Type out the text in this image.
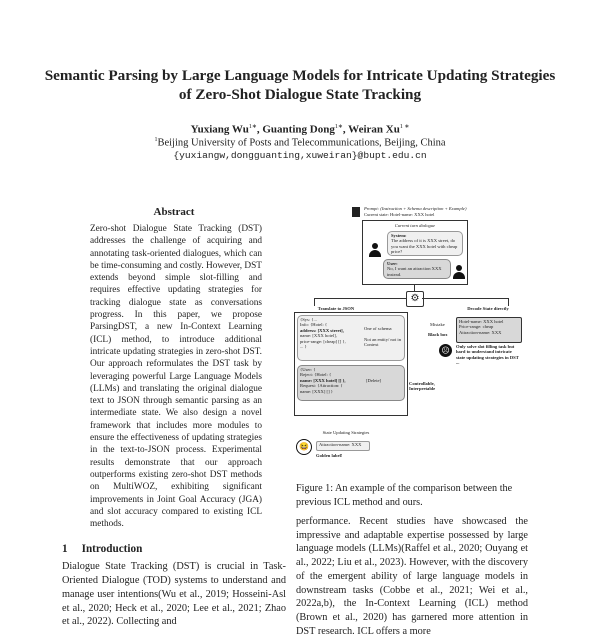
Semantic Parsing by Large Language Models for Intricate Updating Strategies of Zero-Shot Dialogue State Tracking
Yuxiang $Wu^{1∗}$, Guanting Dong$^{1∗}$, Weiran $Xu^{1 ∗}$
$^1$Beijing University of Posts and Telecommunications, Beijing, China
{yuxiangw,dongguanting,xuweiran}@bupt.edu.cn
Abstract
Zero-shot Dialogue State Tracking (DST) addresses the challenge of acquiring and annotating task-oriented dialogues, which can be time-consuming and costly. However, DST extends beyond simple slot-filling and requires effective updating strategies for tracking dialogue state as conversations progress. In this paper, we propose ParsingDST, a new In-Context Learning (ICL) method, to introduce additional intricate updating strategies in zero-shot DST. Our approach reformulates the DST task by leveraging powerful Large Language Models (LLMs) and translating the original dialogue text to JSON through semantic parsing as an intermediate state. We also design a novel framework that includes more modules to ensure the effectiveness of updating strategies in the text-to-JSON process. Experimental results demonstrate that our approach outperforms existing zero-shot DST methods on MultiWOZ, exhibiting significant improvements in Joint Goal Accuracy (JGA) and slot accuracy compared to existing ICL methods.
1 Introduction
Dialogue State Tracking (DST) is crucial in Task-Oriented Dialogue (TOD) systems to understand and manage user intentions(Wu et al., 2019; Hosseini-Asl et al., 2020; Heck et al., 2020; Lee et al., 2021; Zhao et al., 2022). Collecting and
Prompt: (Instruction + Schema description + Example)
Current state: Hotel-name: XXX hotel
Current turn dialogue
System:
The address of it is XXX street, do you want the XXX hotel with cheap price?
User:
No, I want an attraction XXX instead.
⚙
Translate to JSON	Decode State directly
{Sys: {...
Info: {Hotel: {
address: [XXX street],
name: [XXX hotel],
price-range: [cheap] [] },
... }
One of schema
Not an entity/ not in Context
{User: {
Reject: {Hotel: {
name: [XXX hotel] [] },
Request: {Attraction: {
name: [XXX] [] }
[Delete]
Controllable, Interpretable
State Updating Strategies
😆	Attraction-name: XXX
Golden label!
Hotel-name: XXX hotel
Price-range: cheap
Attraction-name: XXX
Mistake
Black box
☹	Only solve slot filling task but hard to understand intricate state updating strategies in DST ...
Figure 1: An example of the comparison between the previous ICL method and ours.
performance. Recent studies have showcased the impressive and adaptable expertise possessed by large language models (LLMs)(Raffel et al., 2020; Ouyang et al., 2022; Liu et al., 2023). However, with the discovery of the emergent ability of large language models in downstream tasks (Cobbe et al., 2021; Wei et al., 2022a,b), the In-Context Learning (ICL) method (Brown et al., 2020) has garnered more attention in DST research. ICL offers a more
